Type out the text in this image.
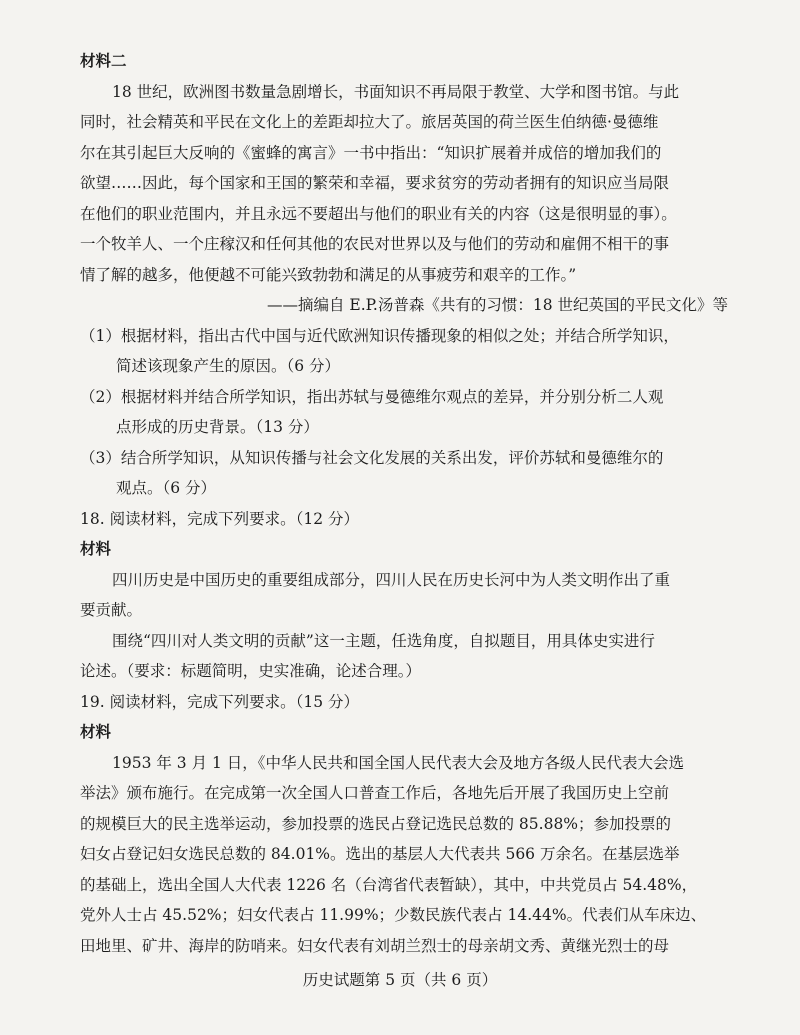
材料二
18 世纪，欧洲图书数量急剧增长，书面知识不再局限于教堂、大学和图书馆。与此
同时，社会精英和平民在文化上的差距却拉大了。旅居英国的荷兰医生伯纳德·曼德维
尔在其引起巨大反响的《蜜蜂的寓言》一书中指出：“知识扩展着并成倍的增加我们的
欲望……因此，每个国家和王国的繁荣和幸福，要求贫穷的劳动者拥有的知识应当局限
在他们的职业范围内，并且永远不要超出与他们的职业有关的内容（这是很明显的事）。
一个牧羊人、一个庄稼汉和任何其他的农民对世界以及与他们的劳动和雇佣不相干的事
情了解的越多，他便越不可能兴致勃勃和满足的从事疲劳和艰辛的工作。”
——摘编自 E.P.汤普森《共有的习惯：18 世纪英国的平民文化》等
（1）根据材料，指出古代中国与近代欧洲知识传播现象的相似之处；并结合所学知识，
简述该现象产生的原因。（6 分）
（2）根据材料并结合所学知识，指出苏轼与曼德维尔观点的差异，并分别分析二人观
点形成的历史背景。（13 分）
（3）结合所学知识，从知识传播与社会文化发展的关系出发，评价苏轼和曼德维尔的
观点。（6 分）
18. 阅读材料，完成下列要求。（12 分）
材料
四川历史是中国历史的重要组成部分，四川人民在历史长河中为人类文明作出了重
要贡献。
围绕“四川对人类文明的贡献”这一主题，任选角度，自拟题目，用具体史实进行
论述。（要求：标题简明，史实准确，论述合理。）
19. 阅读材料，完成下列要求。（15 分）
材料
1953 年 3 月 1 日，《中华人民共和国全国人民代表大会及地方各级人民代表大会选
举法》颁布施行。在完成第一次全国人口普查工作后，各地先后开展了我国历史上空前
的规模巨大的民主选举运动，参加投票的选民占登记选民总数的 85.88%；参加投票的
妇女占登记妇女选民总数的 84.01%。选出的基层人大代表共 566 万余名。在基层选举
的基础上，选出全国人大代表 1226 名（台湾省代表暂缺），其中，中共党员占 54.48%，
党外人士占 45.52%；妇女代表占 11.99%；少数民族代表占 14.44%。代表们从车床边、
田地里、矿井、海岸的防哨来。妇女代表有刘胡兰烈士的母亲胡文秀、黄继光烈士的母
历史试题第 5 页（共 6 页）
